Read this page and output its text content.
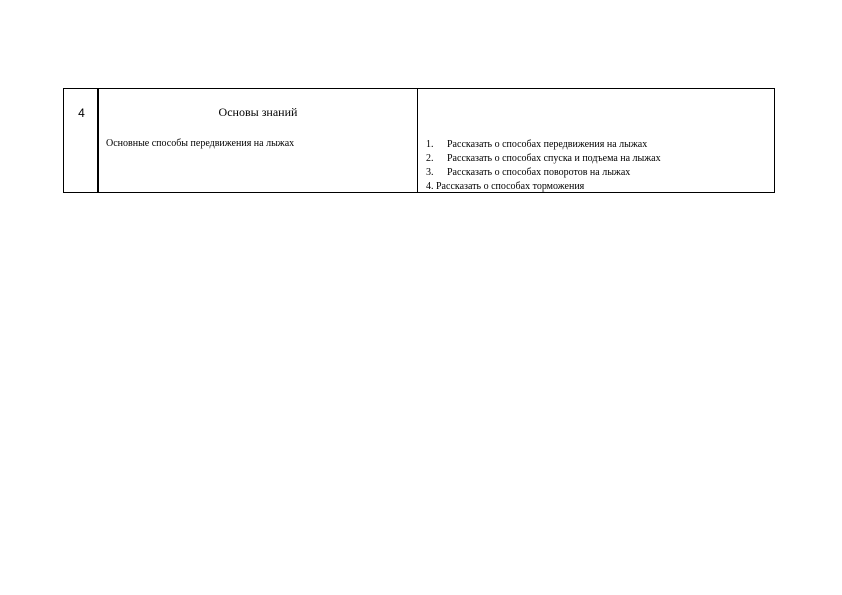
4	Основы знаний
Основные способы передвижения на лыжах	1. Рассказать о способах передвижения на лыжах
2. Рассказать о способах спуска и подъема на лыжах
3. Рассказать о способах поворотов на лыжах
4. Рассказать о способах торможения
